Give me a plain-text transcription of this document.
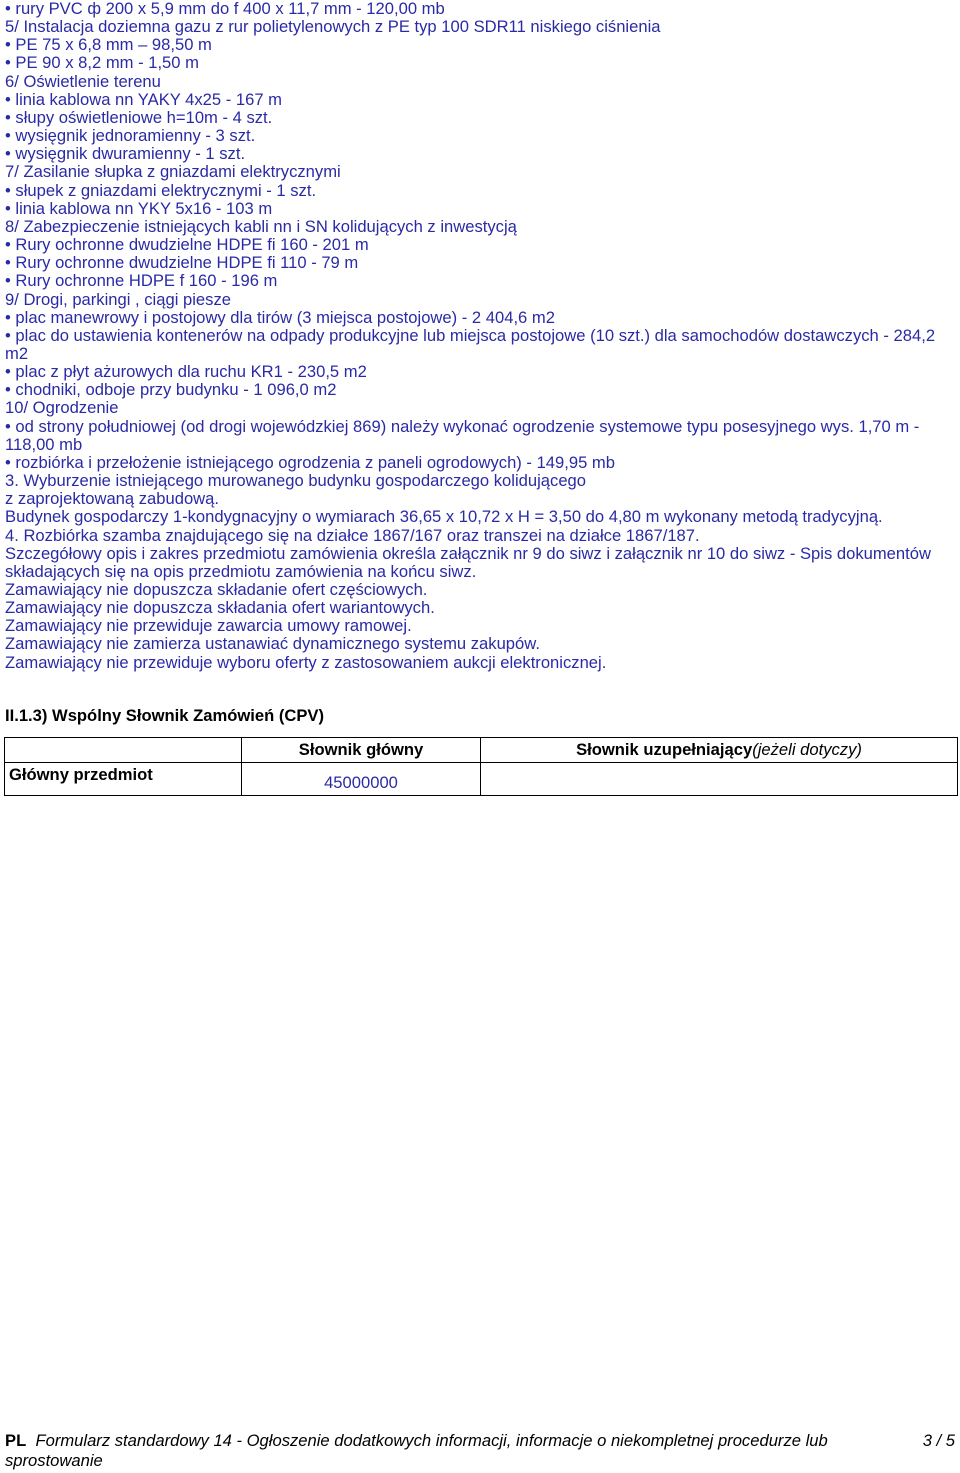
• rury PVC ф 200 x 5,9 mm do f 400 x 11,7 mm - 120,00 mb
5/ Instalacja doziemna gazu z rur polietylenowych z PE typ 100 SDR11 niskiego ciśnienia
• PE 75 x 6,8 mm – 98,50 m
• PE 90 x 8,2 mm - 1,50 m
6/ Oświetlenie terenu
• linia kablowa nn YAKY 4x25 - 167 m
• słupy oświetleniowe h=10m - 4 szt.
• wysięgnik jednoramienny - 3 szt.
• wysięgnik dwuramienny - 1 szt.
7/ Zasilanie słupka z gniazdami elektrycznymi
• słupek z gniazdami elektrycznymi - 1 szt.
• linia kablowa nn YKY 5x16 - 103 m
8/ Zabezpieczenie istniejących kabli nn i SN kolidujących z inwestycją
• Rury ochronne dwudzielne HDPE fi 160 - 201 m
• Rury ochronne dwudzielne HDPE fi 110 - 79 m
• Rury ochronne HDPE f 160 - 196 m
9/ Drogi, parkingi , ciągi piesze
• plac manewrowy i postojowy dla tirów (3 miejsca postojowe) - 2 404,6 m2
• plac do ustawienia kontenerów na odpady produkcyjne lub miejsca postojowe (10 szt.) dla samochodów dostawczych - 284,2 m2
• plac z płyt ażurowych dla ruchu KR1 - 230,5 m2
• chodniki, odboje przy budynku - 1 096,0 m2
10/ Ogrodzenie
• od strony południowej (od drogi wojewódzkiej 869) należy wykonać ogrodzenie systemowe typu posesyjnego wys. 1,70 m - 118,00 mb
• rozbiórka i przełożenie istniejącego ogrodzenia z paneli ogrodowych) - 149,95 mb
3. Wyburzenie istniejącego murowanego budynku gospodarczego kolidującego
z zaprojektowaną zabudową.
Budynek gospodarczy 1-kondygnacyjny o wymiarach 36,65 x 10,72 x H = 3,50 do 4,80 m wykonany metodą tradycyjną.
4. Rozbiórka szamba znajdującego się na działce 1867/167 oraz transzei na działce 1867/187.
Szczegółowy opis i zakres przedmiotu zamówienia określa załącznik nr 9 do siwz i załącznik nr 10 do siwz - Spis dokumentów składających się na opis przedmiotu zamówienia na końcu siwz.
Zamawiający nie dopuszcza składanie ofert częściowych.
Zamawiający nie dopuszcza składania ofert wariantowych.
Zamawiający nie przewiduje zawarcia umowy ramowej.
Zamawiający nie zamierza ustanawiać dynamicznego systemu zakupów.
Zamawiający nie przewiduje wyboru oferty z zastosowaniem aukcji elektronicznej.
II.1.3) Wspólny Słownik Zamówień (CPV)
	Słownik główny	Słownik uzupełniający(jeżeli dotyczy)
Główny przedmiot	45000000	
PL Formularz standardowy 14 - Ogłoszenie dodatkowych informacji, informacje o niekompletnej procedurze lub sprostowanie
3 / 5
